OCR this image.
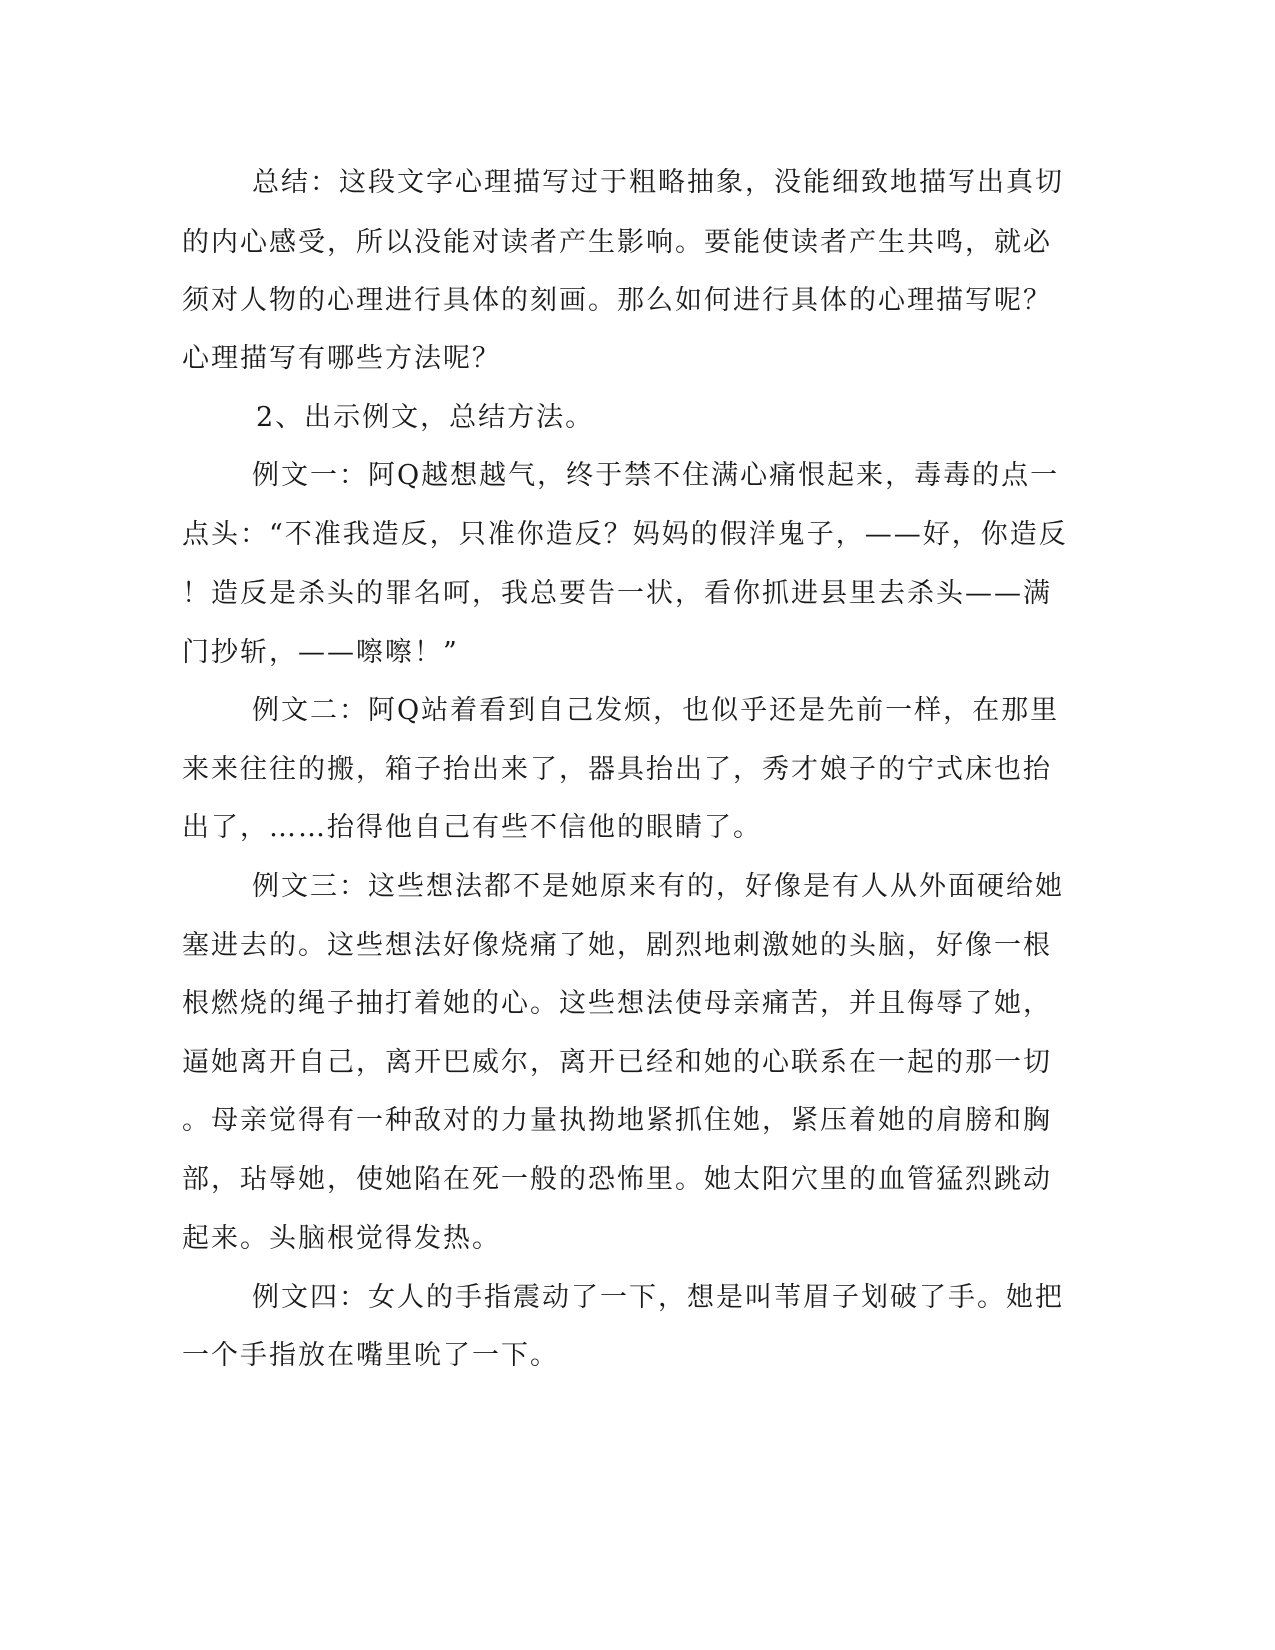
总结：这段文字心理描写过于粗略抽象，没能细致地描写出真切
的内心感受，所以没能对读者产生影响。要能使读者产生共鸣，就必
须对人物的心理进行具体的刻画。那么如何进行具体的心理描写呢？
心理描写有哪些方法呢？
2、出示例文，总结方法。
例文一：阿Q越想越气，终于禁不住满心痛恨起来，毒毒的点一
点头：“不准我造反，只准你造反？妈妈的假洋鬼子，——好，你造反
！造反是杀头的罪名呵，我总要告一状，看你抓进县里去杀头——满
门抄斩，——嚓嚓！”
例文二：阿Q站着看到自己发烦，也似乎还是先前一样，在那里
来来往往的搬，箱子抬出来了，器具抬出了，秀才娘子的宁式床也抬
出了，……抬得他自己有些不信他的眼睛了。
例文三：这些想法都不是她原来有的，好像是有人从外面硬给她
塞进去的。这些想法好像烧痛了她，剧烈地刺激她的头脑，好像一根
根燃烧的绳子抽打着她的心。这些想法使母亲痛苦，并且侮辱了她，
逼她离开自己，离开巴威尔，离开已经和她的心联系在一起的那一切
。母亲觉得有一种敌对的力量执拗地紧抓住她，紧压着她的肩膀和胸
部，玷辱她，使她陷在死一般的恐怖里。她太阳穴里的血管猛烈跳动
起来。头脑根觉得发热。
例文四：女人的手指震动了一下，想是叫苇眉子划破了手。她把
一个手指放在嘴里吮了一下。
